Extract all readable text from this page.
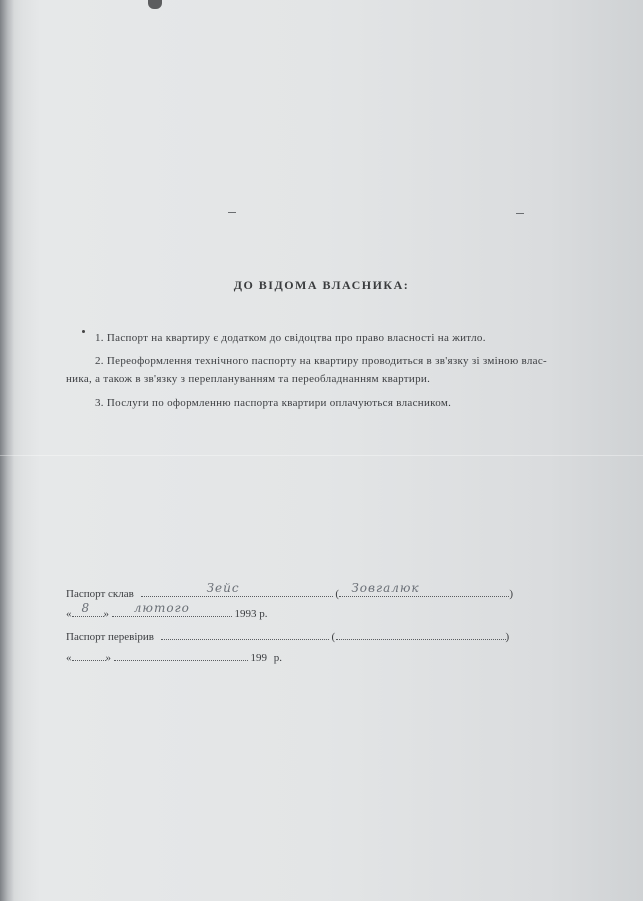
ДО ВІДОМА ВЛАСНИКА:
1. Паспорт на квартиру є додатком до свідоцтва про право власності на житло.
2. Переоформлення технічного паспорту на квартиру проводиться в зв'язку зі зміною влас-
ника, а також в зв'язку з переплануванням та переобладнанням квартири.
3. Послуги по оформленню паспорта квартири оплачуються власником.
Паспорт склав	Зейс	( Зовгалюк	)
« 8 » лютого	1993 р.
Паспорт перевірив	(	)
«	»	199 р.
